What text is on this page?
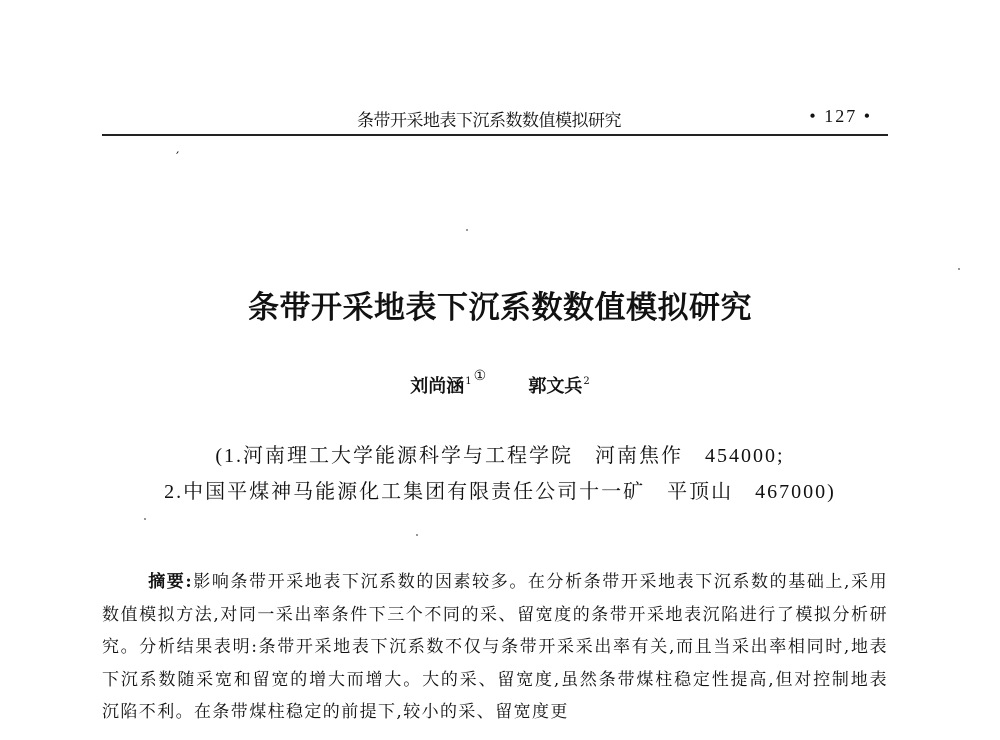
条带开采地表下沉系数数值模拟研究	• 127 •
′
条带开采地表下沉系数数值模拟研究
刘尚涵$^1$ ① 郭文兵$^2$
(1.河南理工大学能源科学与工程学院　河南焦作　454000;
2.中国平煤神马能源化工集团有限责任公司十一矿　平顶山　467000)
摘要:影响条带开采地表下沉系数的因素较多。在分析条带开采地表下沉系数的基础上,采用数值模拟方法,对同一采出率条件下三个不同的采、留宽度的条带开采地表沉陷进行了模拟分析研究。分析结果表明:条带开采地表下沉系数不仅与条带开采采出率有关,而且当采出率相同时,地表下沉系数随采宽和留宽的增大而增大。大的采、留宽度,虽然条带煤柱稳定性提高,但对控制地表沉陷不利。在条带煤柱稳定的前提下,较小的采、留宽度更
